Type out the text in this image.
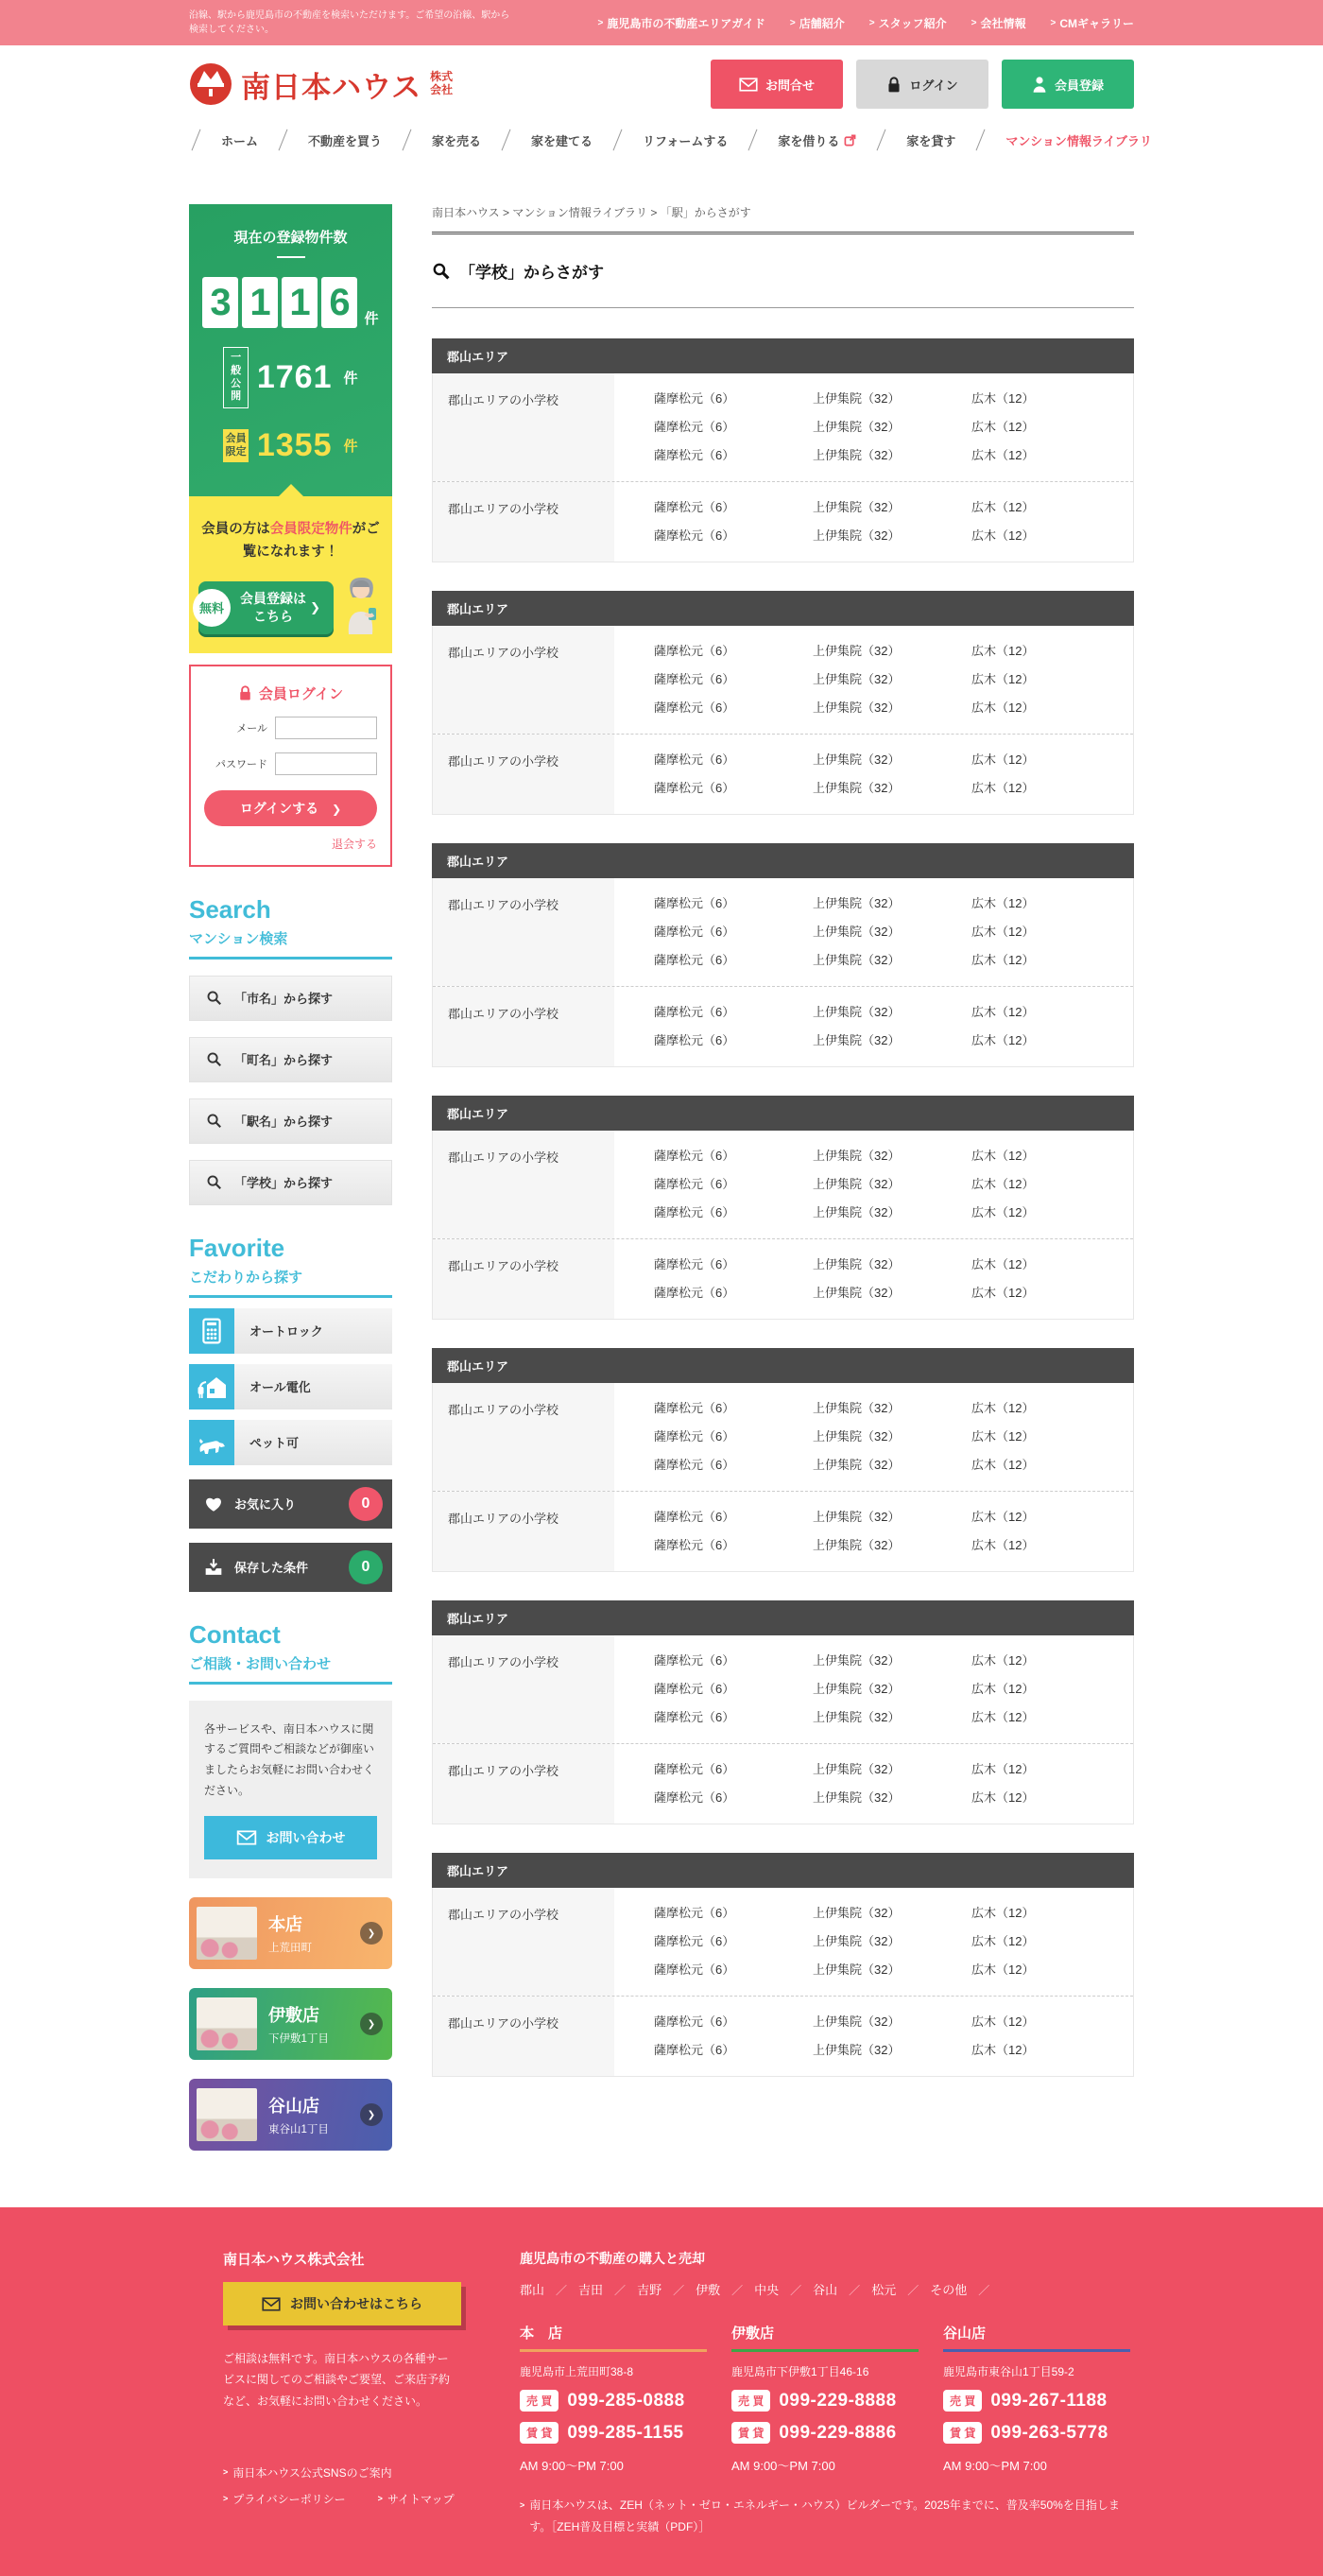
沿線、駅から鹿児島市の不動産を検索いただけます。ご希望の沿線、駅から検索してください。 >	鹿児島市の不動産エリアガイド >	店舗紹介 >	スタッフ紹介 >	会社情報
>	CMギャラリー
南日本ハウス 株式会社	お問合せ	ログイン	会員登録
ホーム	不動産を買う	家を売る	家を建てる	リフォームする	家を借りる	家を貸す	マンション情報ライブラリ
現在の登録物件数
3 1 1 6 件
一般公開
1761 件
会員限定 1355 件

会員の方は会員限定物件がご覧になれます！

無料
会員登録は
こちら
❯
会員ログイン
メール
パスワード
ログインする
❯
退会する
Search
マンション検索
「市名」から探す
「町名」から探す
「駅名」から探す
「学校」から探す
Favorite
こだわりから探す
オートロック
オール電化
ペット可
お気に入り	0
保存した条件	0
Contact
ご相談・お問い合わせ

各サービスや、南日本ハウスに関するご質問やご相談などが御座いましたらお気軽にお問い合わせください。

お問い合わせ
本店
上荒田町
❯
伊敷店
下伊敷1丁目
❯
谷山店
東谷山1丁目
❯
南日本ハウス > マンション情報ライブラリ > 「駅」からさがす
「学校」からさがす
郡山エリア
郡山エリアの小学校	薩摩松元（6）	上伊集院（32）	広木（12）
薩摩松元（6）	上伊集院（32）	広木（12）
薩摩松元（6）	上伊集院（32）	広木（12）
郡山エリアの小学校	薩摩松元（6）	上伊集院（32）	広木（12）
薩摩松元（6）	上伊集院（32）	広木（12）
郡山エリア
郡山エリアの小学校	薩摩松元（6）	上伊集院（32）	広木（12）
薩摩松元（6）	上伊集院（32）	広木（12）
薩摩松元（6）	上伊集院（32）	広木（12）
郡山エリアの小学校	薩摩松元（6）	上伊集院（32）	広木（12）
薩摩松元（6）	上伊集院（32）	広木（12）
郡山エリア
郡山エリアの小学校	薩摩松元（6）	上伊集院（32）	広木（12）
薩摩松元（6）	上伊集院（32）	広木（12）
薩摩松元（6）	上伊集院（32）	広木（12）
郡山エリアの小学校	薩摩松元（6）	上伊集院（32）	広木（12）
薩摩松元（6）	上伊集院（32）	広木（12）
郡山エリア
郡山エリアの小学校	薩摩松元（6）	上伊集院（32）	広木（12）
薩摩松元（6）	上伊集院（32）	広木（12）
薩摩松元（6）	上伊集院（32）	広木（12）
郡山エリアの小学校	薩摩松元（6）	上伊集院（32）	広木（12）
薩摩松元（6）	上伊集院（32）	広木（12）
郡山エリア
郡山エリアの小学校	薩摩松元（6）	上伊集院（32）	広木（12）
薩摩松元（6）	上伊集院（32）	広木（12）
薩摩松元（6）	上伊集院（32）	広木（12）
郡山エリアの小学校	薩摩松元（6）	上伊集院（32）	広木（12）
薩摩松元（6）	上伊集院（32）	広木（12）
郡山エリア
郡山エリアの小学校	薩摩松元（6）	上伊集院（32）	広木（12）
薩摩松元（6）	上伊集院（32）	広木（12）
薩摩松元（6）	上伊集院（32）	広木（12）
郡山エリアの小学校	薩摩松元（6）	上伊集院（32）	広木（12）
薩摩松元（6）	上伊集院（32）	広木（12）
郡山エリア
郡山エリアの小学校	薩摩松元（6）	上伊集院（32）	広木（12）
薩摩松元（6）	上伊集院（32）	広木（12）
薩摩松元（6）	上伊集院（32）	広木（12）
郡山エリアの小学校	薩摩松元（6）	上伊集院（32）	広木（12）
薩摩松元（6）	上伊集院（32）	広木（12）
南日本ハウス株式会社
お問い合わせはこちら

ご相談は無料です。南日本ハウスの各種サービスに関してのご相談やご要望、ご来店予約など、お気軽にお問い合わせください。

>
南日本ハウス公式SNSのご案内
>
プライバシーポリシー >	サイトマップ
鹿児島市の不動産の購入と売却
郡山 ／ 吉田 ／ 吉野 ／ 伊敷 ／ 中央 ／ 谷山 ／ 松元 ／ その他 ／
本　店
鹿児島市上荒田町38-8
売 買 099-285-0888
賃 貸 099-285-1155
AM 9:00～PM 7:00
伊敷店
鹿児島市下伊敷1丁目46-16
売 買 099-229-8888
賃 貸 099-229-8886
AM 9:00～PM 7:00
谷山店
鹿児島市東谷山1丁目59-2
売 買 099-267-1188
賃 貸 099-263-5778
AM 9:00～PM 7:00
>
南日本ハウスは、ZEH（ネット・ゼロ・エネルギー・ハウス）ビルダーです。2025年までに、普及率50%を目指します。［ZEH普及目標と実績（PDF）］
